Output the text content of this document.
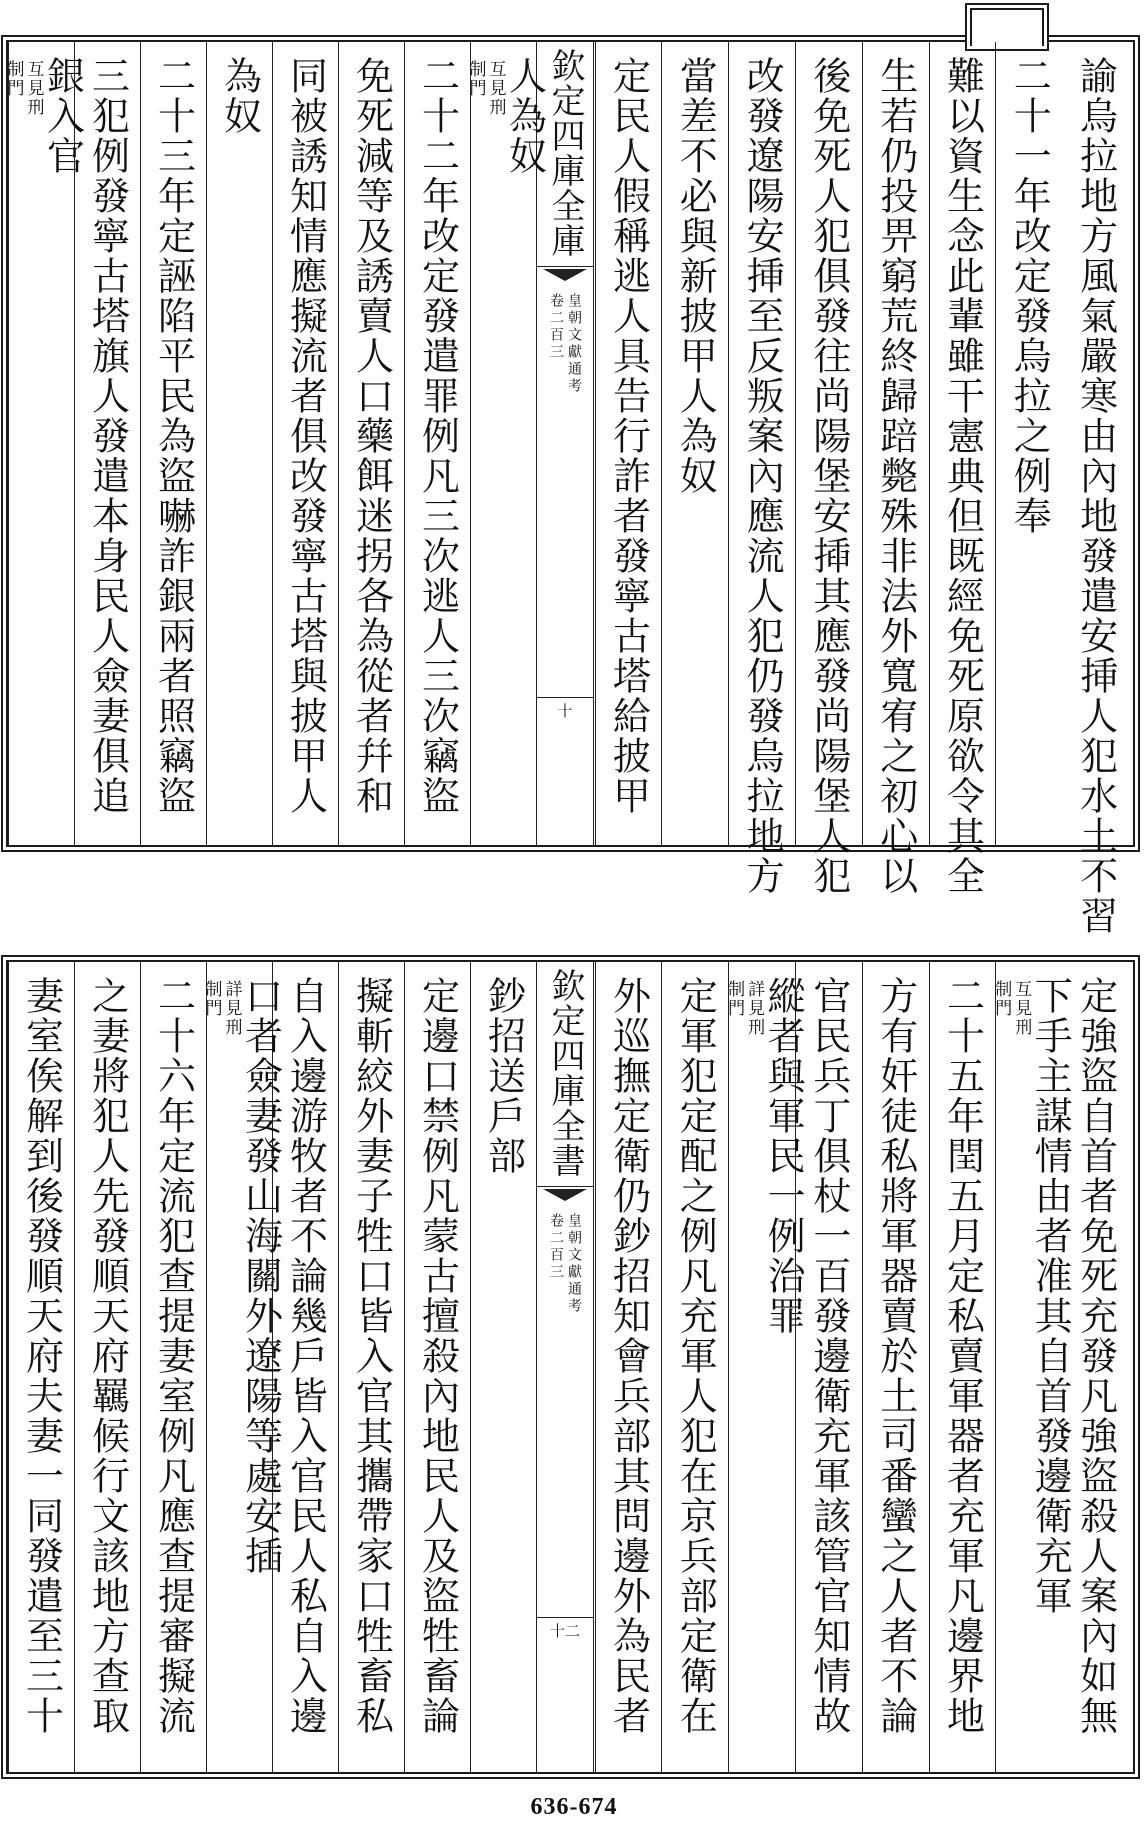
諭烏拉地方風氣嚴寒由內地發遣安挿人犯水土不習
二十一年改定發烏拉之例奉
難以資生念此輩雖干憲典但既經免死原欲令其全
生若仍投畀窮荒終歸踣斃殊非法外寬宥之初心以
後免死人犯俱發往尚陽堡安揷其應發尚陽堡人犯
改發遼陽安挿至反叛案內應流人犯仍發烏拉地方
當差不必與新披甲人為奴
定民人假稱逃人具告行詐者發寧古塔給披甲
欽定四庫全庫
皇朝文獻通考
卷二百三
十
人為奴
互見刑
制門
二十二年改定發遣罪例凡三次逃人三次竊盜
免死減等及誘賣人口藥餌迷拐各為從者幷和
同被誘知情應擬流者俱改發寧古塔與披甲人
為奴
二十三年定誣陷平民為盜嚇詐銀兩者照竊盜
三犯例發寧古塔旗人發遣本身民人僉妻俱追
銀入官
互見刑
制門
定強盜自首者免死充發凡強盜殺人案內如無
下手主謀情由者准其自首發邊衛充軍
互見刑
制門
二十五年閏五月定私賣軍器者充軍凡邊界地
方有奸徒私將軍器賣於土司番蠻之人者不論
官民兵丁俱杖一百發邊衛充軍該管官知情故
縱者與軍民一例治罪
詳見刑
制門
定軍犯定配之例凡充軍人犯在京兵部定衛在
外巡撫定衛仍鈔招知會兵部其問邊外為民者
欽定四庫全書
皇朝文獻通考
卷二百三
十二
鈔招送戶部
定邊口禁例凡蒙古擅殺內地民人及盜牲畜論
擬斬絞外妻子牲口皆入官其攜帶家口牲畜私
自入邊游牧者不論幾戶皆入官民人私自入邊
口者僉妻發山海關外遼陽等處安插
詳見刑
制門
二十六年定流犯查提妻室例凡應查提審擬流
之妻將犯人先發順天府羈候行文該地方查取
妻室俟解到後發順天府夫妻一同發遣至三十
636-674
